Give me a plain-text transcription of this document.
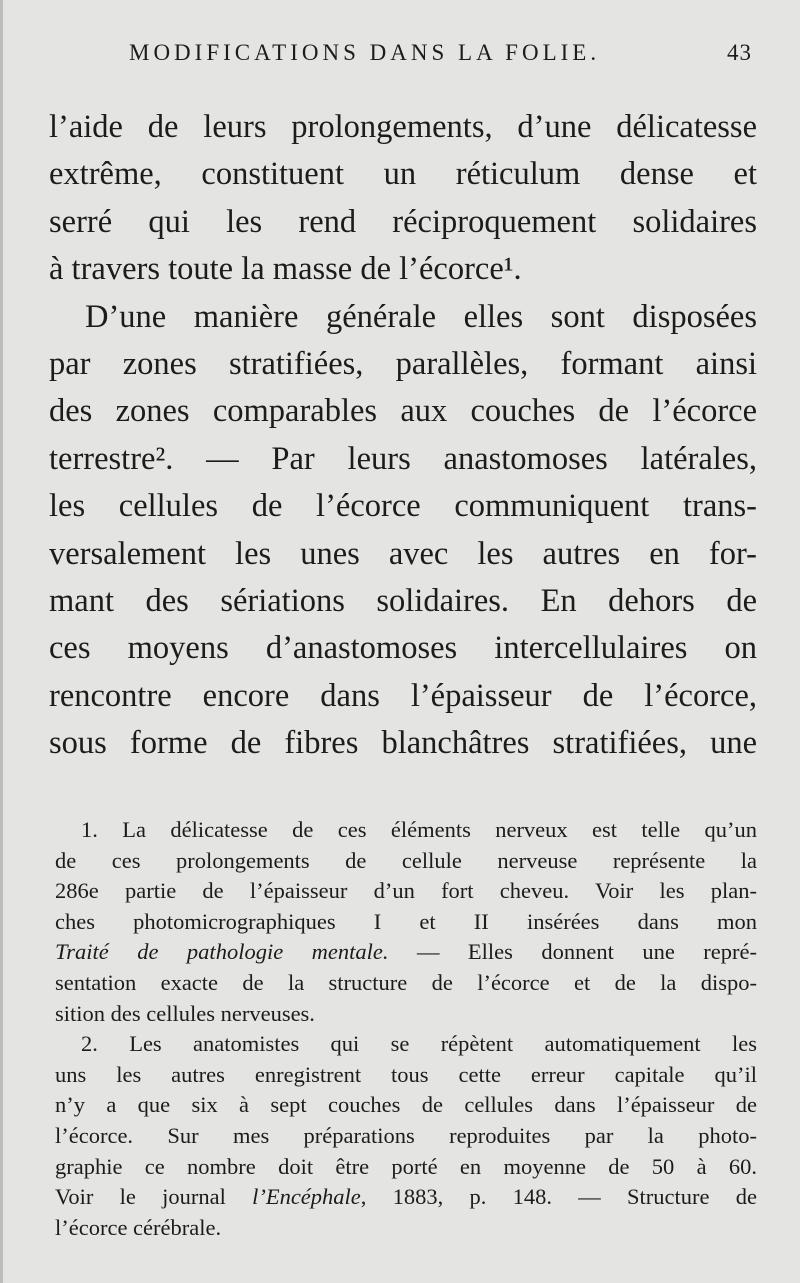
MODIFICATIONS DANS LA FOLIE.	43
l’aide de leurs prolongements, d’une délicatesse
extrême, constituent un réticulum dense et
serré qui les rend réciproquement solidaires
à travers toute la masse de l’écorce¹.
D’une manière générale elles sont disposées
par zones stratifiées, parallèles, formant ainsi
des zones comparables aux couches de l’écorce
terrestre². — Par leurs anastomoses latérales,
les cellules de l’écorce communiquent trans-
versalement les unes avec les autres en for-
mant des sériations solidaires. En dehors de
ces moyens d’anastomoses intercellulaires on
rencontre encore dans l’épaisseur de l’écorce,
sous forme de fibres blanchâtres stratifiées, une
1. La délicatesse de ces éléments nerveux est telle qu’un
de ces prolongements de cellule nerveuse représente la
286e partie de l’épaisseur d’un fort cheveu. Voir les plan-
ches photomicrographiques I et II insérées dans mon
Traité de pathologie mentale. — Elles donnent une repré-
sentation exacte de la structure de l’écorce et de la dispo-
sition des cellules nerveuses.
2. Les anatomistes qui se répètent automatiquement les
uns les autres enregistrent tous cette erreur capitale qu’il
n’y a que six à sept couches de cellules dans l’épaisseur de
l’écorce. Sur mes préparations reproduites par la photo-
graphie ce nombre doit être porté en moyenne de 50 à 60.
Voir le journal l’Encéphale, 1883, p. 148. — Structure de
l’écorce cérébrale.
